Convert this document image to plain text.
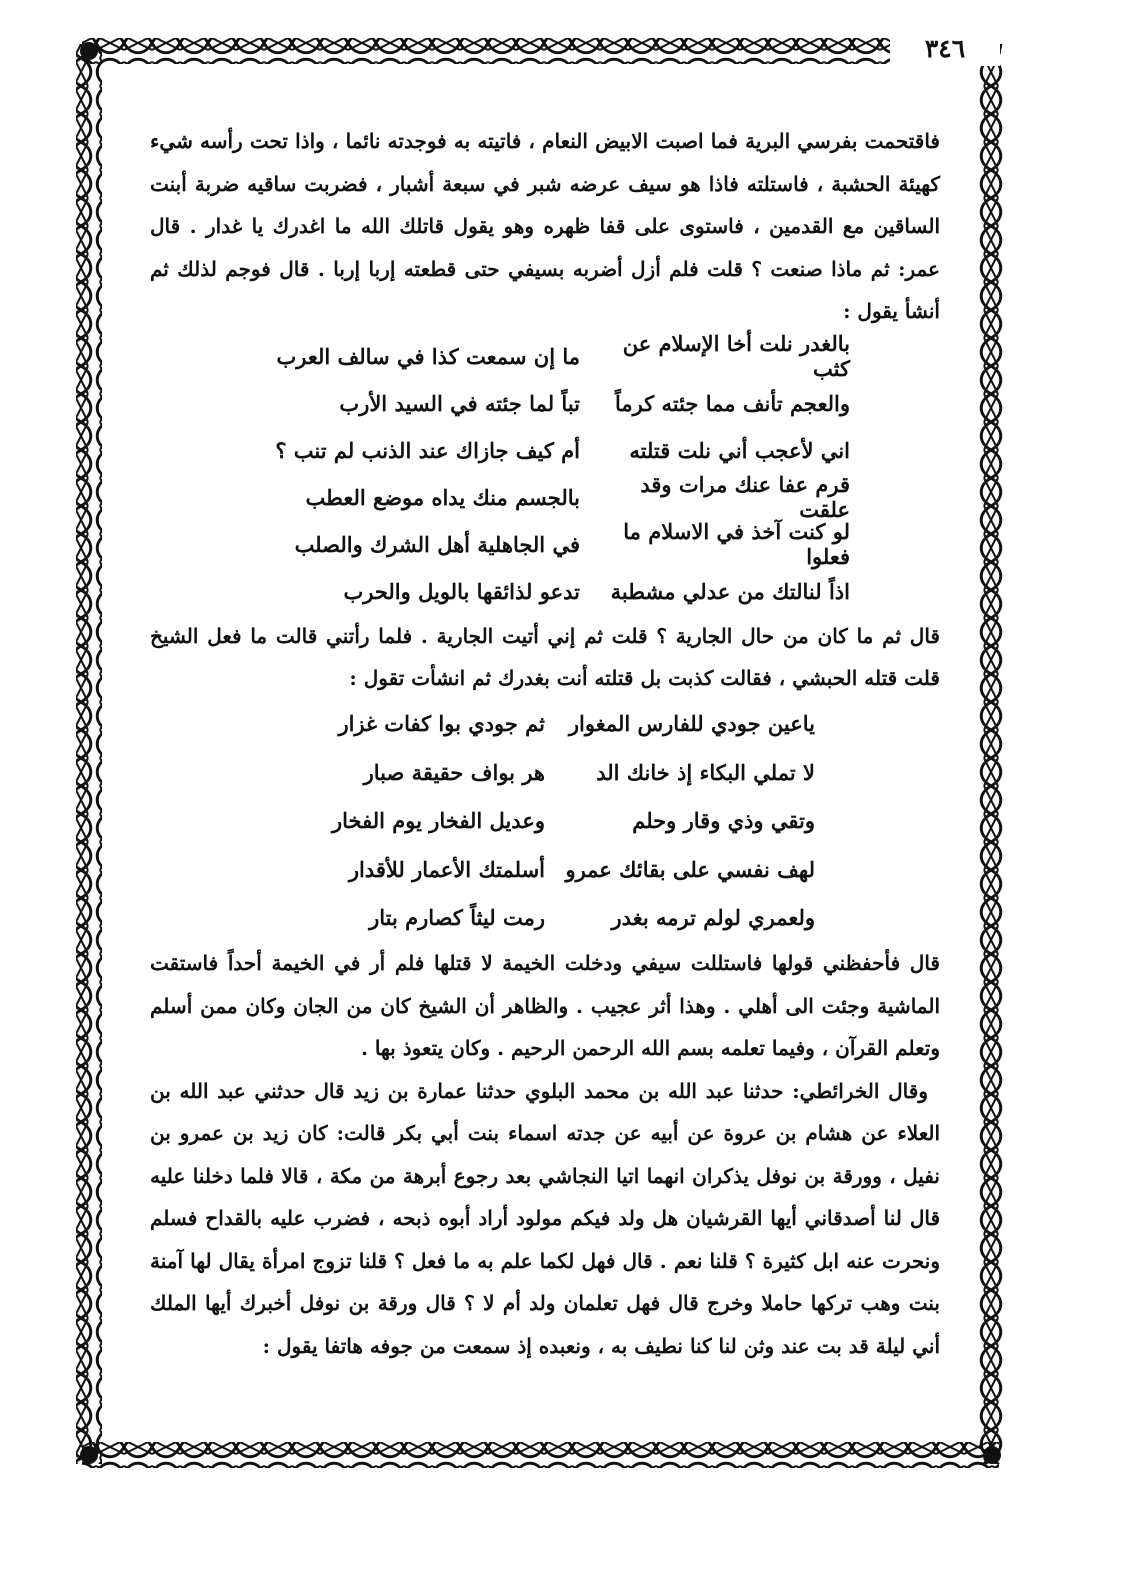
٣٤٦

فاقتحمت بفرسي البرية فما اصبت الابيض النعام ، فاتيته به فوجدته نائما ، واذا تحت رأسه شيء كهيئة الحشبة ، فاستلته فاذا هو سيف عرضه شبر في سبعة أشبار ، فضربت ساقيه ضربة أبنت الساقين مع القدمين ، فاستوى على قفا ظهره وهو يقول قاتلك الله ما اغدرك يا غدار . قال عمر: ثم ماذا صنعت ؟ قلت فلم أزل أضربه بسيفي حتى قطعته إربا إربا . قال فوجم لذلك ثم أنشأ يقول :

بالغدر نلت أخا الإسلام عن كثب
ما إن سمعت كذا في سالف العرب
والعجم تأنف مما جئته كرماً
تباً لما جئته في السيد الأرب
اني لأعجب أني نلت قتلته
أم كيف جازاك عند الذنب لم تنب ؟
قرم عفا عنك مرات وقد علقت
بالجسم منك يداه موضع العطب
لو كنت آخذ في الاسلام ما فعلوا
في الجاهلية أهل الشرك والصلب
اذاً لنالتك من عدلي مشطبة
تدعو لذائقها بالويل والحرب

قال ثم ما كان من حال الجارية ؟ قلت ثم إني أتيت الجارية . فلما رأتني قالت ما فعل الشيخ قلت قتله الحبشي ، فقالت كذبت بل قتلته أنت بغدرك ثم انشأت تقول :

ياعين جودي للفارس المغوار
ثم جودي بوا كفات غزار
لا تملي البكاء إذ خانك الد
هر بواف حقيقة صبار
وتقي وذي وقار وحلم
وعديل الفخار يوم الفخار
لهف نفسي على بقائك عمرو
أسلمتك الأعمار للأقدار
ولعمري لولم ترمه بغدر
رمت ليثاً كصارم بتار

قال فأحفظني قولها فاستللت سيفي ودخلت الخيمة لا قتلها فلم أر في الخيمة أحداً فاستقت الماشية وجئت الى أهلي . وهذا أثر عجيب . والظاهر أن الشيخ كان من الجان وكان ممن أسلم وتعلم القرآن ، وفيما تعلمه بسم الله الرحمن الرحيم . وكان يتعوذ بها .

وقال الخرائطي: حدثنا عبد الله بن محمد البلوي حدثنا عمارة بن زيد قال حدثني عبد الله بن العلاء عن هشام بن عروة عن أبيه عن جدته اسماء بنت أبي بكر قالت: كان زيد بن عمرو بن نفيل ، وورقة بن نوفل يذكران انهما اتيا النجاشي بعد رجوع أبرهة من مكة ، قالا فلما دخلنا عليه قال لنا أصدقاني أيها القرشيان هل ولد فيكم مولود أراد أبوه ذبحه ، فضرب عليه بالقداح فسلم ونحرت عنه ابل كثيرة ؟ قلنا نعم . قال فهل لكما علم به ما فعل ؟ قلنا تزوج امرأة يقال لها آمنة بنت وهب تركها حاملا وخرج قال فهل تعلمان ولد أم لا ؟ قال ورقة بن نوفل أخبرك أيها الملك أني ليلة قد بت عند وثن لنا كنا نطيف به ، ونعبده إذ سمعت من جوفه هاتفا يقول :
